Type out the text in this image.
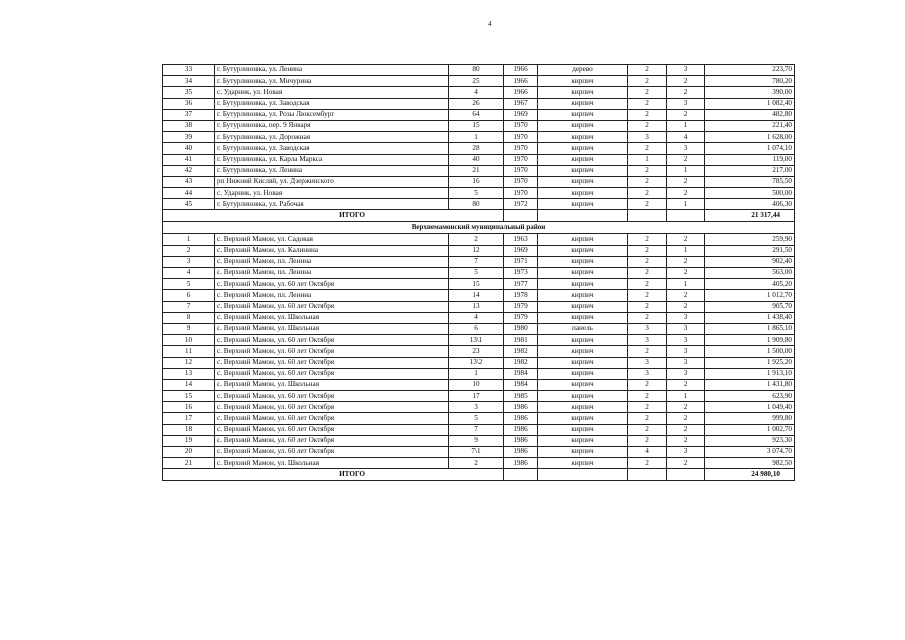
4
33	г. Бутурлиновка, ул. Ленина	80	1966	дерево	2	3	223,70
34	г. Бутурлиновка, ул. Мичурина	25	1966	кирпич	2	2	780,20
35	с. Ударник, ул. Новая	4	1966	кирпич	2	2	390,00
36	г. Бутурлиновка, ул. Заводская	26	1967	кирпич	2	3	1 082,40
37	г. Бутурлиновка, ул. Розы Люксембург	64	1969	кирпич	2	2	482,80
38	г. Бутурлиновка, пер. 9 Января	15	1970	кирпич	2	1	221,40
39	г. Бутурлиновка, ул. Дорожная	1	1970	кирпич	3	4	1 628,00
40	г. Бутурлиновка, ул. Заводская	28	1970	кирпич	2	3	1 074,10
41	г. Бутурлиновка, ул. Карла Маркса	40	1970	кирпич	1	2	119,00
42	г. Бутурлиновка, ул. Ленина	21	1970	кирпич	2	1	217,00
43	рп Нижний Кисляй, ул. Дзержинского	16	1970	кирпич	2	2	785,50
44	с. Ударник, ул. Новая	5	1970	кирпич	2	2	500,00
45	г. Бутурлиновка, ул. Рабочая	80	1972	кирпич	2	1	406,30
ИТОГО							21 317,44
Верхнемамонский муниципальный район							
1	с. Верхний Мамон, ул. Садовая	2	1963	кирпич	2	2	259,90
2	с. Верхний Мамон, ул. Калинина	12	1969	кирпич	2	1	291,50
3	с. Верхний Мамон, пл. Ленина	7	1971	кирпич	2	2	902,40
4	с. Верхний Мамон, пл. Ленина	5	1973	кирпич	2	2	563,00
5	с. Верхний Мамон, ул. 60 лет Октября	15	1977	кирпич	2	1	405,20
6	с. Верхний Мамон, пл. Ленина	14	1978	кирпич	2	2	1 012,70
7	с. Верхний Мамон, ул. 60 лет Октября	13	1979	кирпич	2	2	905,70
8	с. Верхний Мамон, ул. Школьная	4	1979	кирпич	2	3	1 438,40
9	с. Верхний Мамон, ул. Школьная	6	1980	панель	3	3	1 865,10
10	с. Верхний Мамон, ул. 60 лет Октября	13\1	1981	кирпич	3	3	1 909,80
11	с. Верхний Мамон, ул. 60 лет Октября	23	1982	кирпич	2	3	1 500,00
12	с. Верхний Мамон, ул. 60 лет Октября	13\2	1982	кирпич	3	3	1 925,20
13	с. Верхний Мамон, ул. 60 лет Октября	1	1984	кирпич	3	3	1 913,10
14	с. Верхний Мамон, ул. Школьная	10	1984	кирпич	2	2	1 431,80
15	с. Верхний Мамон, ул. 60 лет Октября	17	1985	кирпич	2	1	623,90
16	с. Верхний Мамон, ул. 60 лет Октября	3	1986	кирпич	2	2	1 049,40
17	с. Верхний Мамон, ул. 60 лет Октября	5	1986	кирпич	2	2	999,80
18	с. Верхний Мамон, ул. 60 лет Октября	7	1986	кирпич	2	2	1 002,70
19	с. Верхний Мамон, ул. 60 лет Октября	9	1986	кирпич	2	2	923,30
20	с. Верхний Мамон, ул. 60 лет Октября	7\1	1986	кирпич	4	3	3 074,70
21	с. Верхний Мамон, ул. Школьная	2	1986	кирпич	2	2	982,50
ИТОГО							24 980,10
